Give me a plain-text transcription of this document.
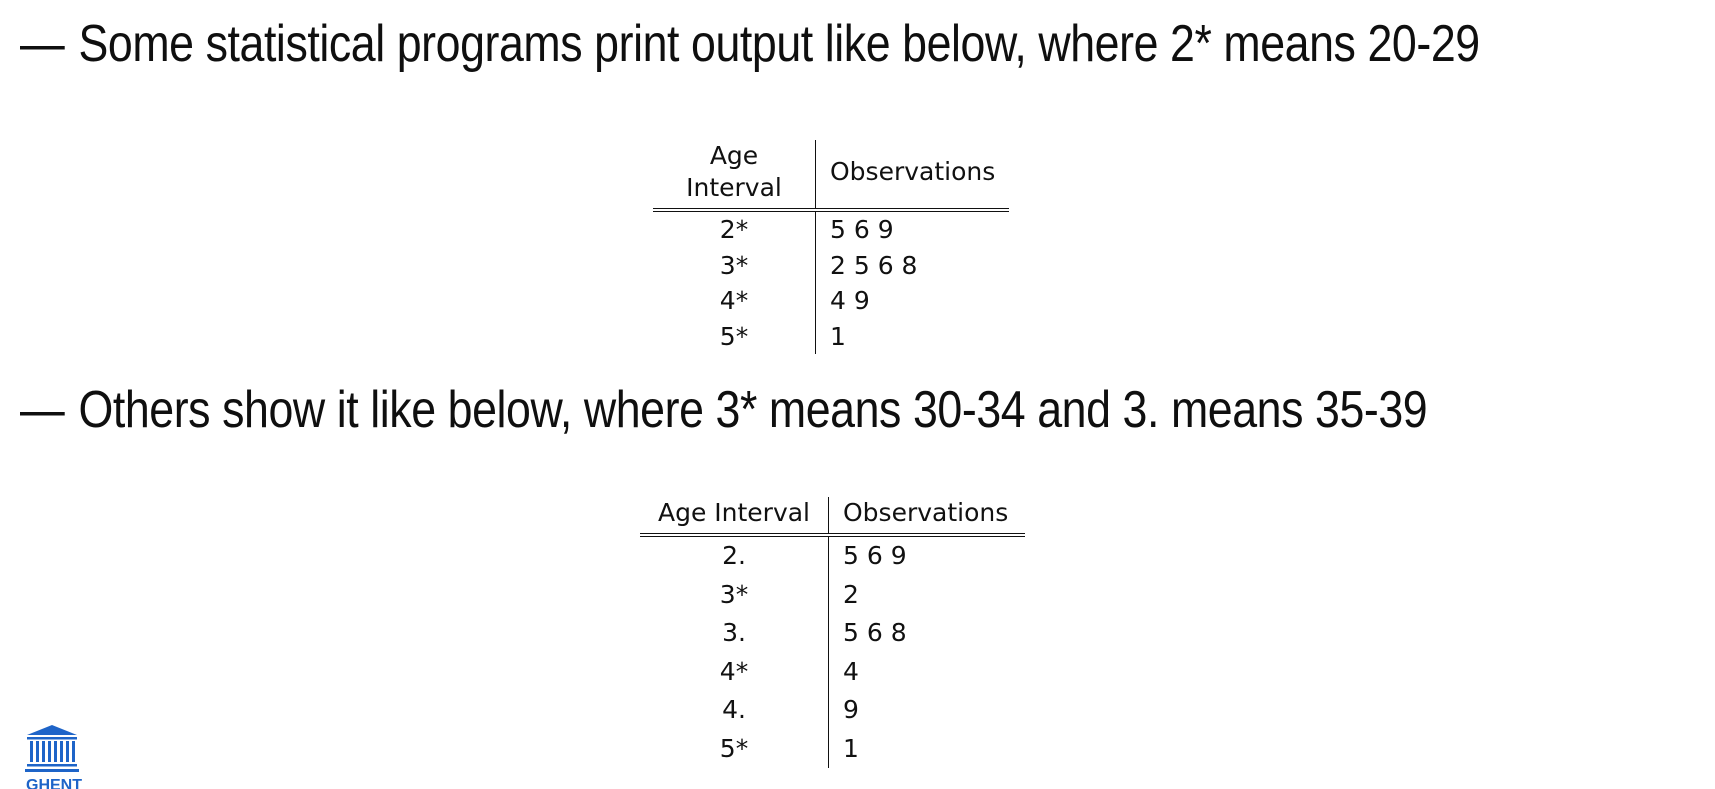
— Some statistical programs print output like below, where 2* means 20-29
Age Interval	Observations
2*	5 6 9
3*	2 5 6 8
4*	4 9
5*	1
— Others show it like below, where 3* means 30-34 and 3. means 35-39
Age Interval	Observations
2.	5 6 9
3*	2
3.	5 6 8
4*	4
4.	9
5*	1
GHENT
